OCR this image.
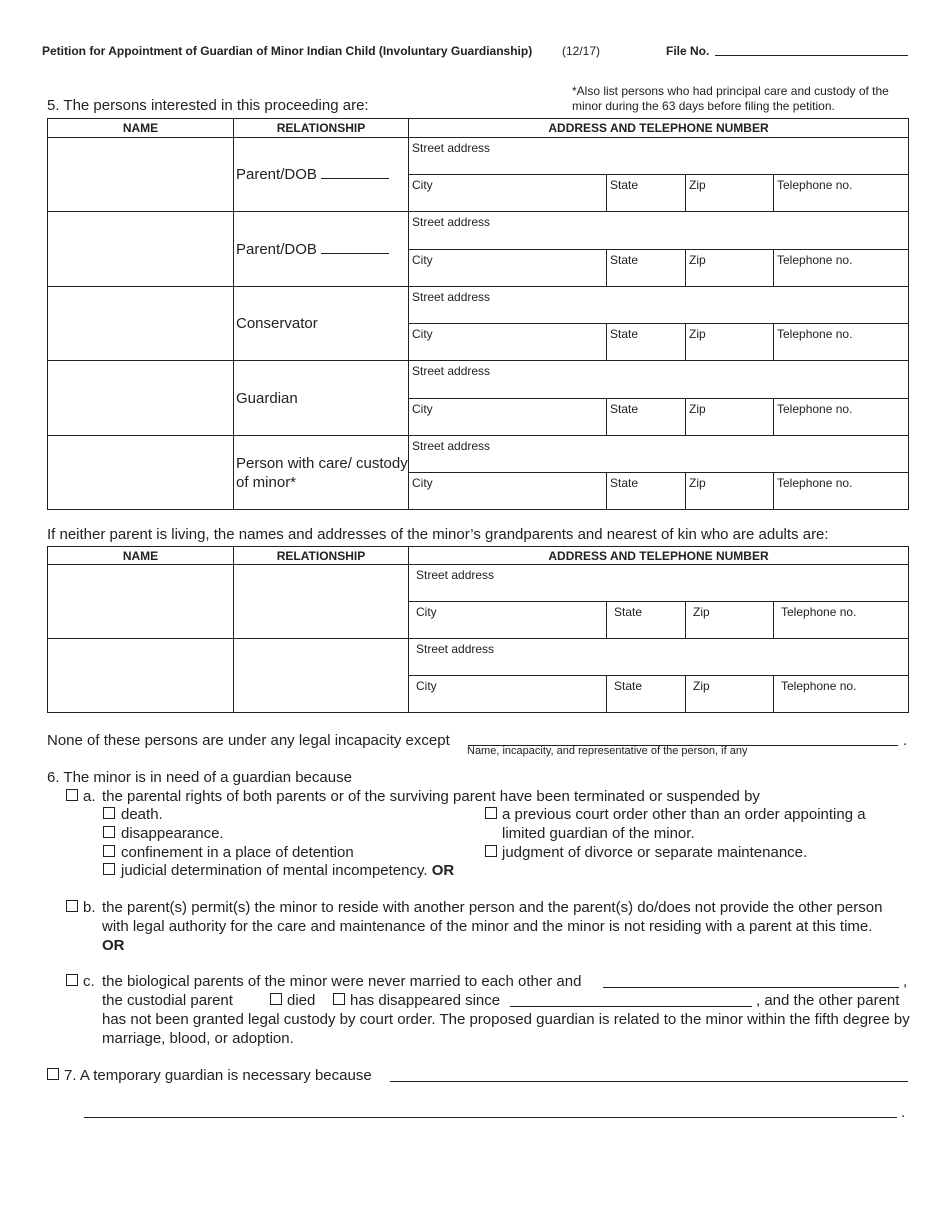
Petition for Appointment of Guardian of Minor Indian Child (Involuntary Guardianship) (12/17)	File No.
*Also list persons who had principal care and custody of the minor during the 63 days before filing the petition.
5. The persons interested in this proceeding are:
NAME	RELATIONSHIP	ADDRESS AND TELEPHONE NUMBER			
	Parent/DOB	Street address			
		City	State	Zip	Telephone no.
	Parent/DOB	Street address			
		City	State	Zip	Telephone no.
	Conservator	Street address			
		City	State	Zip	Telephone no.
	Guardian	Street address			
		City	State	Zip	Telephone no.
	Person with care/ custody of minor*	Street address			
		City	State	Zip	Telephone no.
If neither parent is living, the names and addresses of the minor’s grandparents and nearest of kin who are adults are:
NAME	RELATIONSHIP	ADDRESS AND TELEPHONE NUMBER			
		Street address			
		City	State	Zip	Telephone no.
		Street address			
		City	State	Zip	Telephone no.
None of these persons are under any legal incapacity except	.
Name, incapacity, and representative of the person, if any
6. The minor is in need of a guardian because
a. the parental rights of both parents or of the surviving parent have been terminated or suspended by
death.
disappearance.
confinement in a place of detention
judicial determination of mental incompetency. OR
a previous court order other than an order appointing a limited guardian of the minor.
judgment of divorce or separate maintenance.
b. the parent(s) permit(s) the minor to reside with another person and the parent(s) do/does not provide the other person with legal authority for the care and maintenance of the minor and the minor is not residing with a parent at this time.
OR
c. the biological parents of the minor were never married to each other and	,
the custodial parent	died has disappeared since	, and the other parent
has not been granted legal custody by court order. The proposed guardian is related to the minor within the fifth degree by marriage, blood, or adoption.
7. A temporary guardian is necessary because
.
